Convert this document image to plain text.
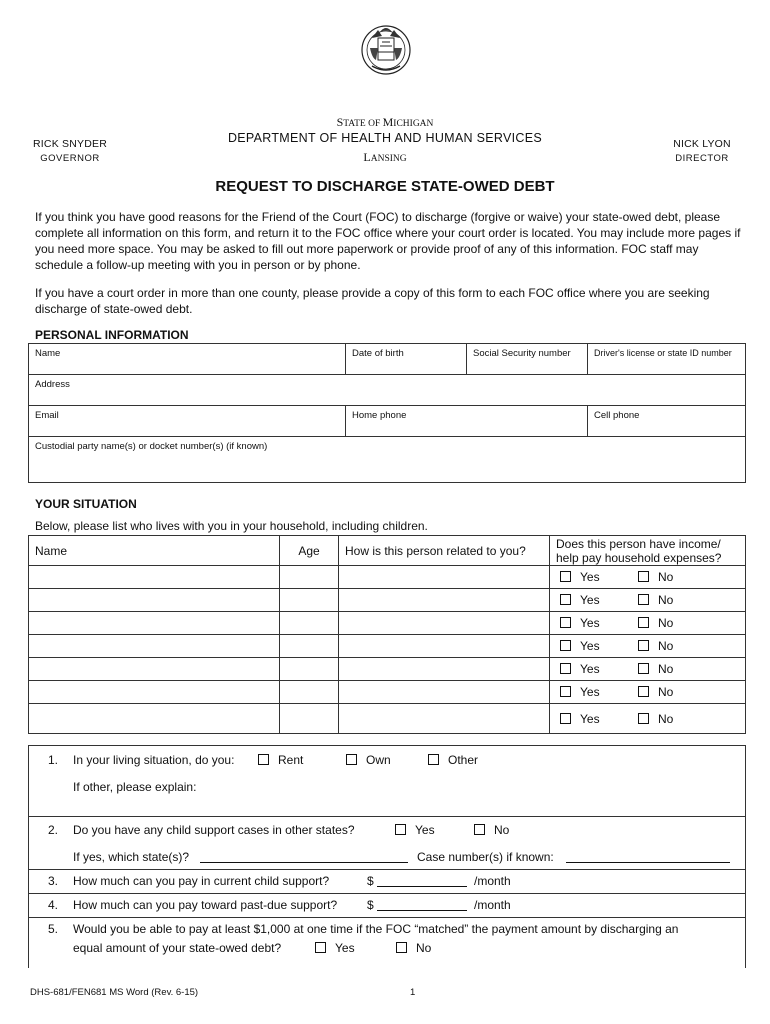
STATE OF MICHIGAN
DEPARTMENT OF HEALTH AND HUMAN SERVICES
LANSING
RICK SNYDER
GOVERNOR
NICK LYON
DIRECTOR
REQUEST TO DISCHARGE STATE-OWED DEBT
If you think you have good reasons for the Friend of the Court (FOC) to discharge (forgive or waive) your state-owed debt, please complete all information on this form, and return it to the FOC office where your court order is located. You may include more pages if you need more space. You may be asked to fill out more paperwork or provide proof of any of this information. FOC staff may schedule a follow-up meeting with you in person or by phone.
If you have a court order in more than one county, please provide a copy of this form to each FOC office where you are seeking discharge of state-owed debt.
PERSONAL INFORMATION
Name	Date of birth	Social Security number	Driver's license or state ID number
Address			
Email	Home phone		Cell phone
Custodial party name(s) or docket number(s) (if known)			
YOUR SITUATION
Below, please list who lives with you in your household, including children.
Name	Age	How is this person related to you?	Does this person have income/ help pay household expenses?
			Yes No
			Yes No
			Yes No
			Yes No
			Yes No
			Yes No
			Yes No
1. In your living situation, do you:	Rent	Own	Other
If other, please explain:
2. Do you have any child support cases in other states?	Yes	No
If yes, which state(s)?	Case number(s) if known:
3. How much can you pay in current child support?	$	/month
4. How much can you pay toward past-due support? $	/month
5. Would you be able to pay at least $1,000 at one time if the FOC “matched” the payment amount by discharging an
equal amount of your state-owed debt?	Yes	No
DHS-681/FEN681 MS Word (Rev. 6-15)	1
